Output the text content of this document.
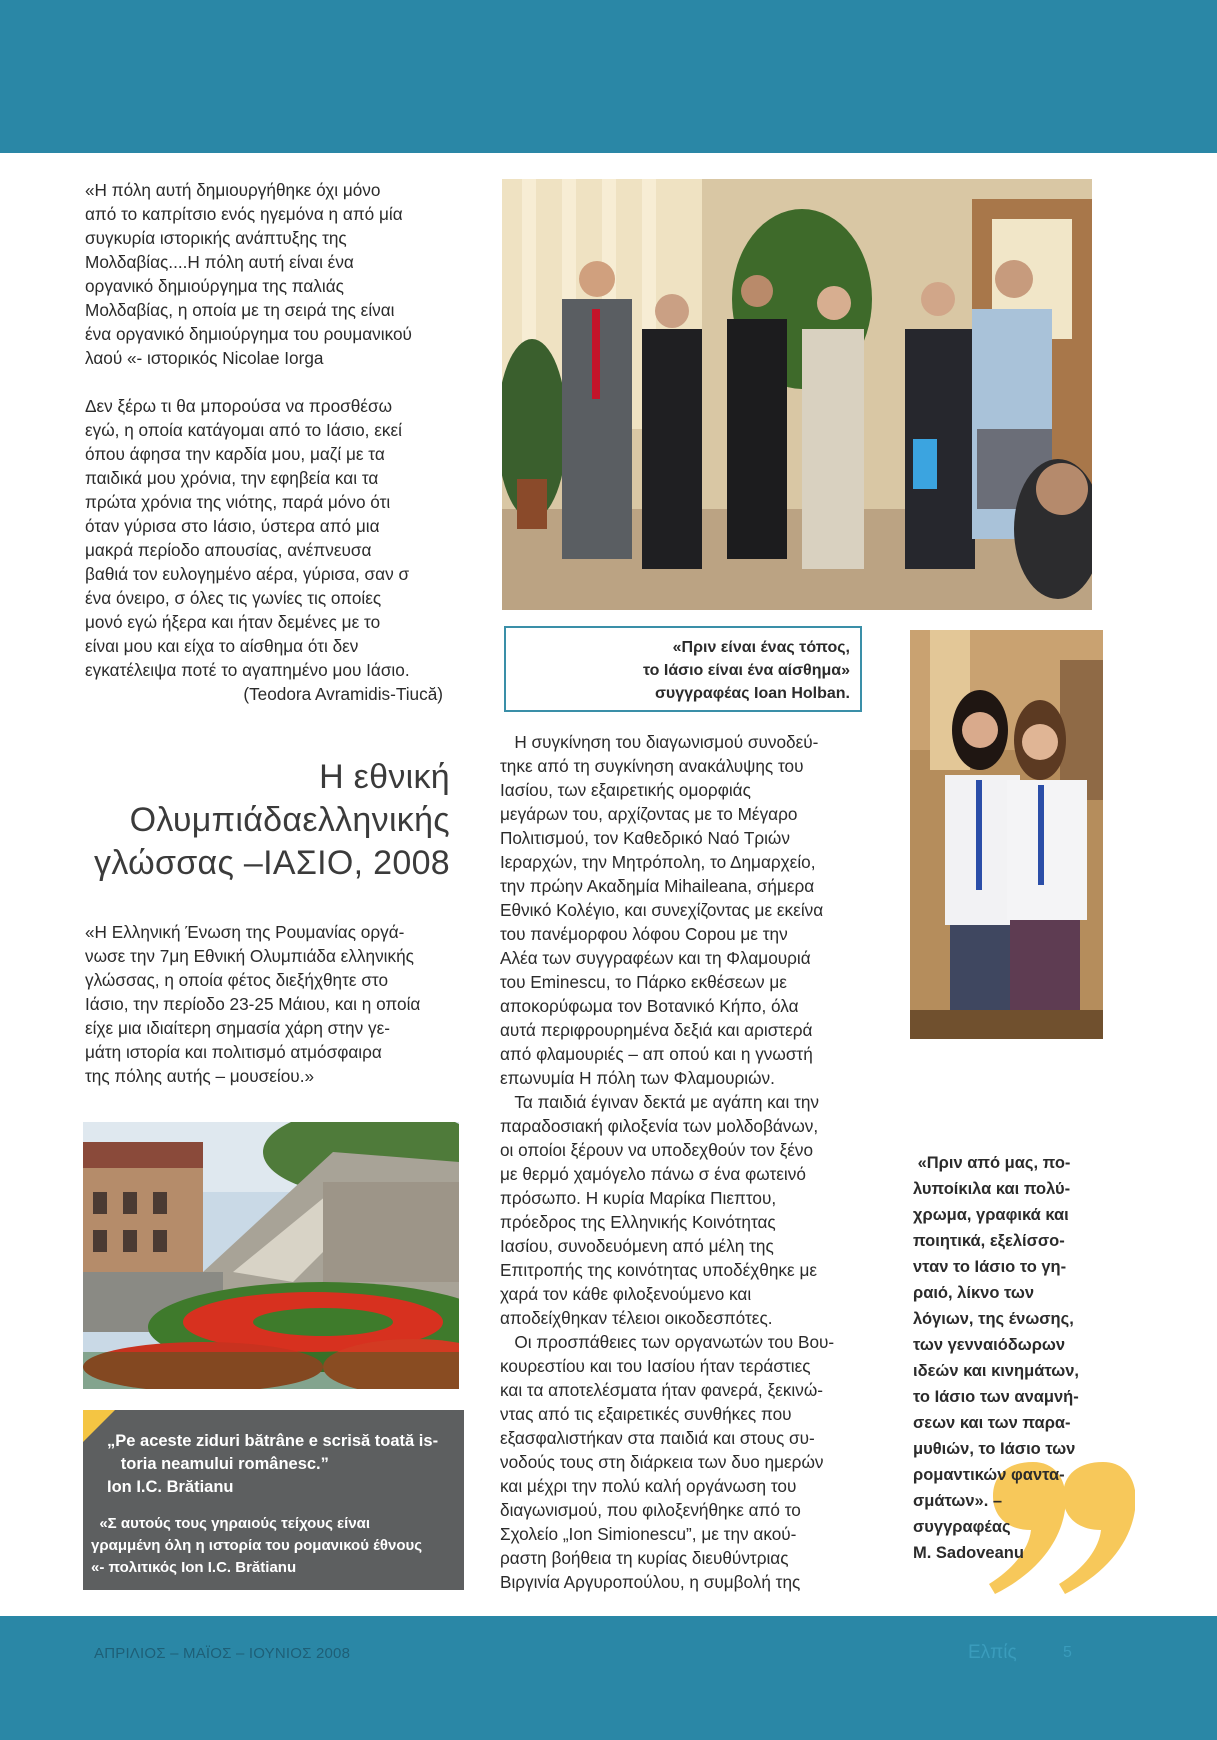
«Η πόλη αυτή δημιουργήθηκε όχι μόνο
από το καπρίτσιο ενός ηγεμόνα η από μία
συγκυρία ιστορικής ανάπτυξης της
Μολδαβίας....Η πόλη αυτή είναι ένα
οργανικό δημιούργημα της παλιάς
Μολδαβίας, η οποία με τη σειρά της είναι
ένα οργανικό δημιούργημα του ρουμανικού
λαού «- ιστορικός Nicolae Iorga

Δεν ξέρω τι θα μπορούσα να προσθέσω
εγώ, η οποία κατάγομαι από το Ιάσιο, εκεί
όπου άφησα την καρδία μου, μαζί με τα
παιδικά μου χρόνια, την εφηβεία και τα
πρώτα χρόνια της νιότης, παρά μόνο ότι
όταν γύρισα στο Ιάσιο, ύστερα από μια
μακρά περίοδο απουσίας, ανέπνευσα
βαθιά τον ευλογημένο αέρα, γύρισα, σαν σ
ένα όνειρο, σ όλες τις γωνίες τις οποίες
μονό εγώ ήξερα και ήταν δεμένες με το
είναι μου και είχα το αίσθημα ότι δεν
εγκατέλειψα ποτέ το αγαπημένο μου Ιάσιο.

(Teodora Avramidis-Tiucă)
Η εθνική Ολυμπιάδαελληνικής γλώσσας –ΙΑΣΙΟ, 2008

«Η Ελληνική Ένωση της Ρουμανίας οργά-
νωσε την 7μη Εθνική Ολυμπιάδα ελληνικής
γλώσσας, η οποία φέτος διεξήχθητε στο
Ιάσιο, την περίοδο 23-25 Μάιου, και η οποία
είχε μια ιδιαίτερη σημασία χάρη στην γε-
μάτη ιστορία και πολιτισμό ατμόσφαιρα
της πόλης αυτής – μουσείου.»

„Pe aceste ziduri bătrâne e scrisă toată is-
toria neamului românesc.”
Ion I.C. Brătianu
«Σ αυτούς τους γηραιούς τείχους είναι
γραμμένη όλη η ιστορία του ρομανικού έθνους
«- πολιτικός Ion I.C. Brătianu
«Πριν είναι ένας τόπος,
το Ιάσιο είναι ένα αίσθημα»
συγγραφέας Ioan Holban.

Η συγκίνηση του διαγωνισμού συνοδεύ-
τηκε από τη συγκίνηση ανακάλυψης του
Ιασίου, των εξαιρετικής ομορφιάς
μεγάρων του, αρχίζοντας με το Μέγαρο
Πολιτισμού, τον Καθεδρικό Ναό Τριών
Ιεραρχών, την Μητρόπολη, το Δημαρχείο,
την πρώην Ακαδημία Mihaileana, σήμερα
Εθνικό Κολέγιο, και συνεχίζοντας με εκείνα
του πανέμορφου λόφου Copou με την
Αλέα των συγγραφέων και τη Φλαμουριά
του Eminescu, το Πάρκο εκθέσεων με
αποκορύφωμα τον Βοτανικό Κήπο, όλα
αυτά περιφρουρημένα δεξιά και αριστερά
από φλαμουριές – απ οπού και η γνωστή
επωνυμία Η πόλη των Φλαμουριών.
Τα παιδιά έγιναν δεκτά με αγάπη και την
παραδοσιακή φιλοξενία των μολδοβάνων,
οι οποίοι ξέρουν να υποδεχθούν τον ξένο
με θερμό χαμόγελο πάνω σ ένα φωτεινό
πρόσωπο. Η κυρία Μαρίκα Πιεπτου,
πρόεδρος της Ελληνικής Κοινότητας
Ιασίου, συνοδευόμενη από μέλη της
Επιτροπής της κοινότητας υποδέχθηκε με
χαρά τον κάθε φιλοξενούμενο και
αποδείχθηκαν τέλειοι οικοδεσπότες.
Οι προσπάθειες των οργανωτών του Βου-
κουρεστίου και του Ιασίου ήταν τεράστιες
και τα αποτελέσματα ήταν φανερά, ξεκινώ-
ντας από τις εξαιρετικές συνθήκες που
εξασφαλιστήκαν στα παιδιά και στους συ-
νοδούς τους στη διάρκεια των δυο ημερών
και μέχρι την πολύ καλή οργάνωση του
διαγωνισμού, που φιλοξενήθηκε από το
Σχολείο „Ion Simionescu”, με την ακού-
ραστη βοήθεια τη κυρίας διευθύντριας
Βιργινία Αργυροπούλου, η συμβολή της

«Πριν από μας, πο-
λυποίκιλα και πολύ-
χρωμα, γραφικά και
ποιητικά, εξελίσσο-
νταν το Ιάσιο το γη-
ραιό, λίκνο των
λόγιων, της ένωσης,
των γενναιόδωρων
ιδεών και κινημάτων,
το Ιάσιο των αναμνή-
σεων και των παρα-
μυθιών, το Ιάσιο των
ρομαντικών φαντα-
σμάτων». –
συγγραφέας
M. Sadoveanu
ΑΠΡΙΛΙΟΣ – ΜΑΪΟΣ – ΙΟΥΝΙΟΣ 2008	Ελπίς	5
